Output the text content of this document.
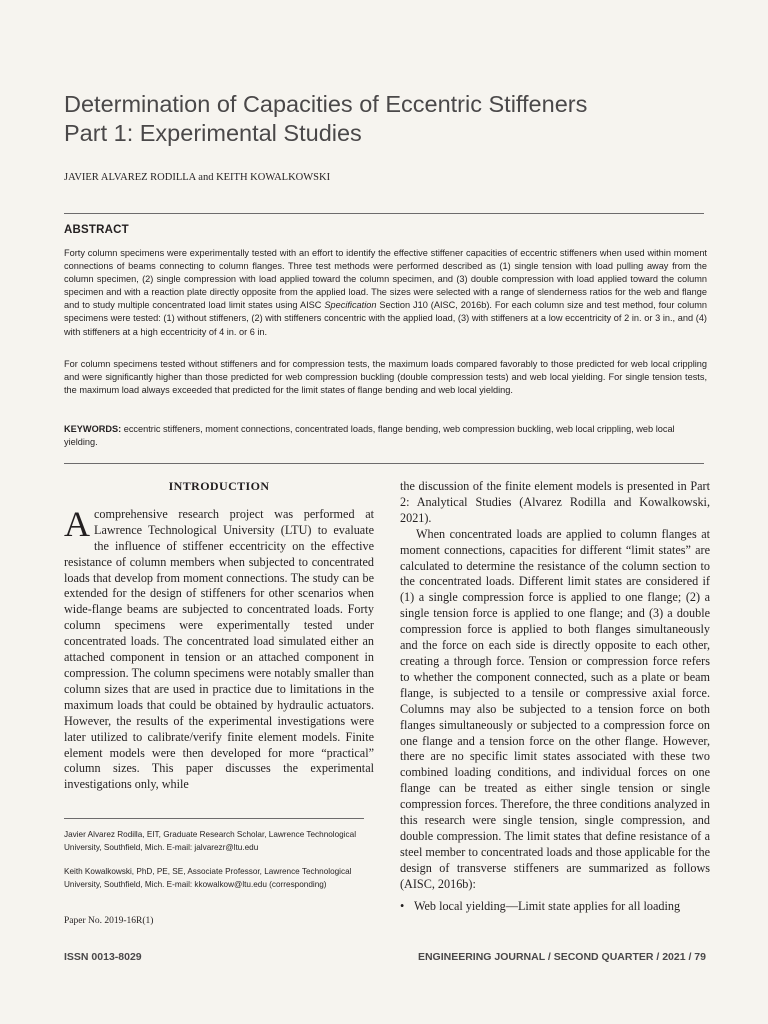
Determination of Capacities of Eccentric Stiffeners
Part 1: Experimental Studies
JAVIER ALVAREZ RODILLA and KEITH KOWALKOWSKI
ABSTRACT

Forty column specimens were experimentally tested with an effort to identify the effective stiffener capacities of eccentric stiffeners when used within moment connections of beams connecting to column flanges. Three test methods were performed described as (1) single tension with load pulling away from the column specimen, (2) single compression with load applied toward the column specimen, and (3) double compression with load applied toward the column specimen and with a reaction plate directly opposite from the applied load. The sizes were selected with a range of slenderness ratios for the web and flange and to study multiple concentrated load limit states using AISC Specification Section J10 (AISC, 2016b). For each column size and test method, four column specimens were tested: (1) without stiffeners, (2) with stiffeners concentric with the applied load, (3) with stiffeners at a low eccentricity of 2 in. or 3 in., and (4) with stiffeners at a high eccentricity of 4 in. or 6 in.

For column specimens tested without stiffeners and for compression tests, the maximum loads compared favorably to those predicted for web local crippling and were significantly higher than those predicted for web compression buckling (double compression tests) and web local yielding. For single tension tests, the maximum load always exceeded that predicted for the limit states of flange bending and web local yielding.

KEYWORDS: eccentric stiffeners, moment connections, concentrated loads, flange bending, web compression buckling, web local crippling, web local yielding.

INTRODUCTION

Acomprehensive research project was performed at Lawrence Technological University (LTU) to evaluate the influence of stiffener eccentricity on the effective resistance of column members when subjected to concentrated loads that develop from moment connections. The study can be extended for the design of stiffeners for other scenarios when wide-flange beams are subjected to concentrated loads. Forty column specimens were experimentally tested under concentrated loads. The concentrated load simulated either an attached component in tension or an attached component in compression. The column specimens were notably smaller than column sizes that are used in practice due to limitations in the maximum loads that could be obtained by hydraulic actuators. However, the results of the experimental investigations were later utilized to calibrate/verify finite element models. Finite element models were then developed for more “practical” column sizes. This paper discusses the experimental investigations only, while

the discussion of the finite element models is presented in Part 2: Analytical Studies (Alvarez Rodilla and Kowalkowski, 2021).

When concentrated loads are applied to column flanges at moment connections, capacities for different “limit states” are calculated to determine the resistance of the column section to the concentrated loads. Different limit states are considered if (1) a single compression force is applied to one flange; (2) a single tension force is applied to one flange; and (3) a double compression force is applied to both flanges simultaneously and the force on each side is directly opposite to each other, creating a through force. Tension or compression force refers to whether the component connected, such as a plate or beam flange, is subjected to a tensile or compressive axial force. Columns may also be subjected to a tension force on both flanges simultaneously or subjected to a compression force on one flange and a tension force on the other flange. However, there are no specific limit states associated with these two combined loading conditions, and individual forces on one flange can be treated as either single tension or single compression forces. Therefore, the three conditions analyzed in this research were single tension, single compression, and double compression. The limit states that define resistance of a steel member to concentrated loads and those applicable for the design of transverse stiffeners are summarized as follows (AISC, 2016b):

• Web local yielding—Limit state applies for all loading

Javier Alvarez Rodilla, EIT, Graduate Research Scholar, Lawrence Technological University, Southfield, Mich. E-mail: jalvarezr@ltu.edu

Keith Kowalkowski, PhD, PE, SE, Associate Professor, Lawrence Technological University, Southfield, Mich. E-mail: kkowalkow@ltu.edu (corresponding)

Paper No. 2019-16R(1)
ISSN 0013-8029	ENGINEERING JOURNAL / SECOND QUARTER / 2021 / 79
